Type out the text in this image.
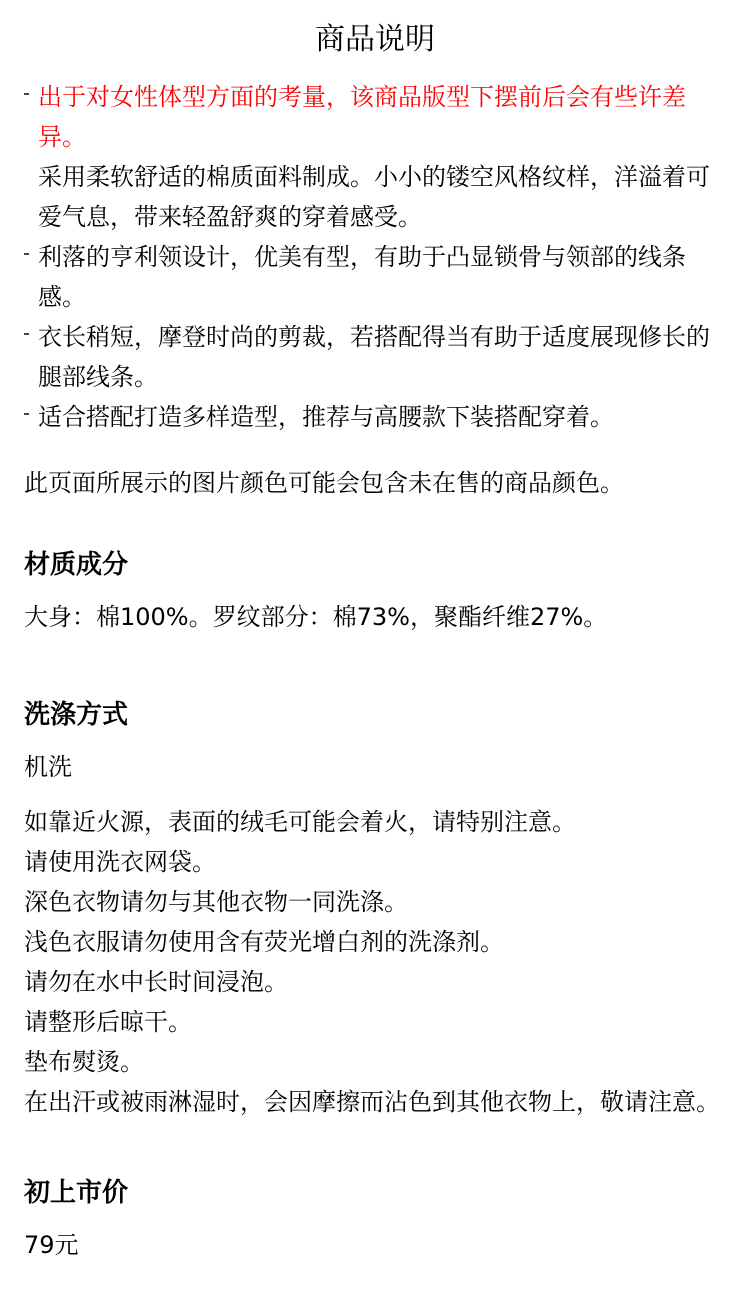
商品说明
出于对女性体型方面的考量，该商品版型下摆前后会有些许差异。
采用柔软舒适的棉质面料制成。小小的镂空风格纹样，洋溢着可爱气息，带来轻盈舒爽的穿着感受。
利落的亨利领设计，优美有型，有助于凸显锁骨与领部的线条感。
衣长稍短，摩登时尚的剪裁，若搭配得当有助于适度展现修长的腿部线条。
适合搭配打造多样造型，推荐与高腰款下装搭配穿着。
此页面所展示的图片颜色可能会包含未在售的商品颜色。
材质成分

大身：棉100%。罗纹部分：棉73%，聚酯纤维27%。

洗涤方式

机洗

如靠近火源，表面的绒毛可能会着火，请特别注意。

请使用洗衣网袋。

深色衣物请勿与其他衣物一同洗涤。

浅色衣服请勿使用含有荧光增白剂的洗涤剂。

请勿在水中长时间浸泡。

请整形后晾干。

垫布熨烫。

在出汗或被雨淋湿时，会因摩擦而沾色到其他衣物上，敬请注意。

初上市价

79元
